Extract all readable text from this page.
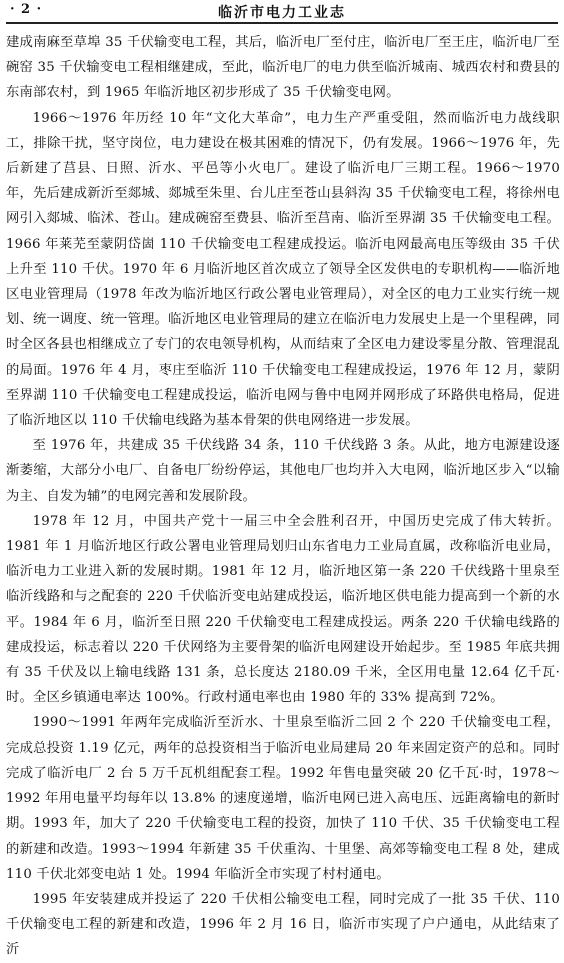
· 2 ·	临沂市电力工业志

建成南麻至草埠 35 千伏输变电工程，其后，临沂电厂至付庄，临沂电厂至王庄，临沂电厂至碗窑 35 千伏输变电工程相继建成，至此，临沂电厂的电力供至临沂城南、城西农村和费县的东南部农村，到 1965 年临沂地区初步形成了 35 千伏输变电网。

1966～1976 年历经 10 年“文化大革命”，电力生产严重受阻，然而临沂电力战线职工，排除干扰，坚守岗位，电力建设在极其困难的情况下，仍有发展。1966～1976 年，先后新建了莒县、日照、沂水、平邑等小火电厂。建设了临沂电厂三期工程。1966～1970 年，先后建成新沂至郯城、郯城至朱里、台儿庄至苍山县斜沟 35 千伏输变电工程，将徐州电网引入郯城、临沭、苍山。建成碗窑至费县、临沂至莒南、临沂至界湖 35 千伏输变电工程。1966 年莱芜至蒙阴岱崮 110 千伏输变电工程建成投运。临沂电网最高电压等级由 35 千伏上升至 110 千伏。1970 年 6 月临沂地区首次成立了领导全区发供电的专职机构——临沂地区电业管理局（1978 年改为临沂地区行政公署电业管理局），对全区的电力工业实行统一规划、统一调度、统一管理。临沂地区电业管理局的建立在临沂电力发展史上是一个里程碑，同时全区各县也相继成立了专门的农电领导机构，从而结束了全区电力建设零星分散、管理混乱的局面。1976 年 4 月，枣庄至临沂 110 千伏输变电工程建成投运，1976 年 12 月，蒙阴至界湖 110 千伏输变电工程建成投运，临沂电网与鲁中电网并网形成了环路供电格局，促进了临沂地区以 110 千伏输电线路为基本骨架的供电网络进一步发展。

至 1976 年，共建成 35 千伏线路 34 条，110 千伏线路 3 条。从此，地方电源建设逐渐萎缩，大部分小电厂、自备电厂纷纷停运，其他电厂也均并入大电网，临沂地区步入“以输为主、自发为辅”的电网完善和发展阶段。

1978 年 12 月，中国共产党十一届三中全会胜利召开，中国历史完成了伟大转折。1981 年 1 月临沂地区行政公署电业管理局划归山东省电力工业局直属，改称临沂电业局，临沂电力工业进入新的发展时期。1981 年 12 月，临沂地区第一条 220 千伏线路十里泉至临沂线路和与之配套的 220 千伏临沂变电站建成投运，临沂地区供电能力提高到一个新的水平。1984 年 6 月，临沂至日照 220 千伏输变电工程建成投运。两条 220 千伏输电线路的建成投运，标志着以 220 千伏网络为主要骨架的临沂电网建设开始起步。至 1985 年底共拥有 35 千伏及以上输电线路 131 条，总长度达 2180.09 千米，全区用电量 12.64 亿千瓦·时。全区乡镇通电率达 100%。行政村通电率也由 1980 年的 33% 提高到 72%。

1990～1991 年两年完成临沂至沂水、十里泉至临沂二回 2 个 220 千伏输变电工程，完成总投资 1.19 亿元，两年的总投资相当于临沂电业局建局 20 年来固定资产的总和。同时完成了临沂电厂 2 台 5 万千瓦机组配套工程。1992 年售电量突破 20 亿千瓦·时，1978～1992 年用电量平均每年以 13.8% 的速度递增，临沂电网已进入高电压、远距离输电的新时期。1993 年，加大了 220 千伏输变电工程的投资，加快了 110 千伏、35 千伏输变电工程的新建和改造。1993～1994 年新建 35 千伏重沟、十里堡、高郊等输变电工程 8 处，建成 110 千伏北郊变电站 1 处。1994 年临沂全市实现了村村通电。

1995 年安装建成并投运了 220 千伏相公输变电工程，同时完成了一批 35 千伏、110 千伏输变电工程的新建和改造，1996 年 2 月 16 日，临沂市实现了户户通电，从此结束了沂
